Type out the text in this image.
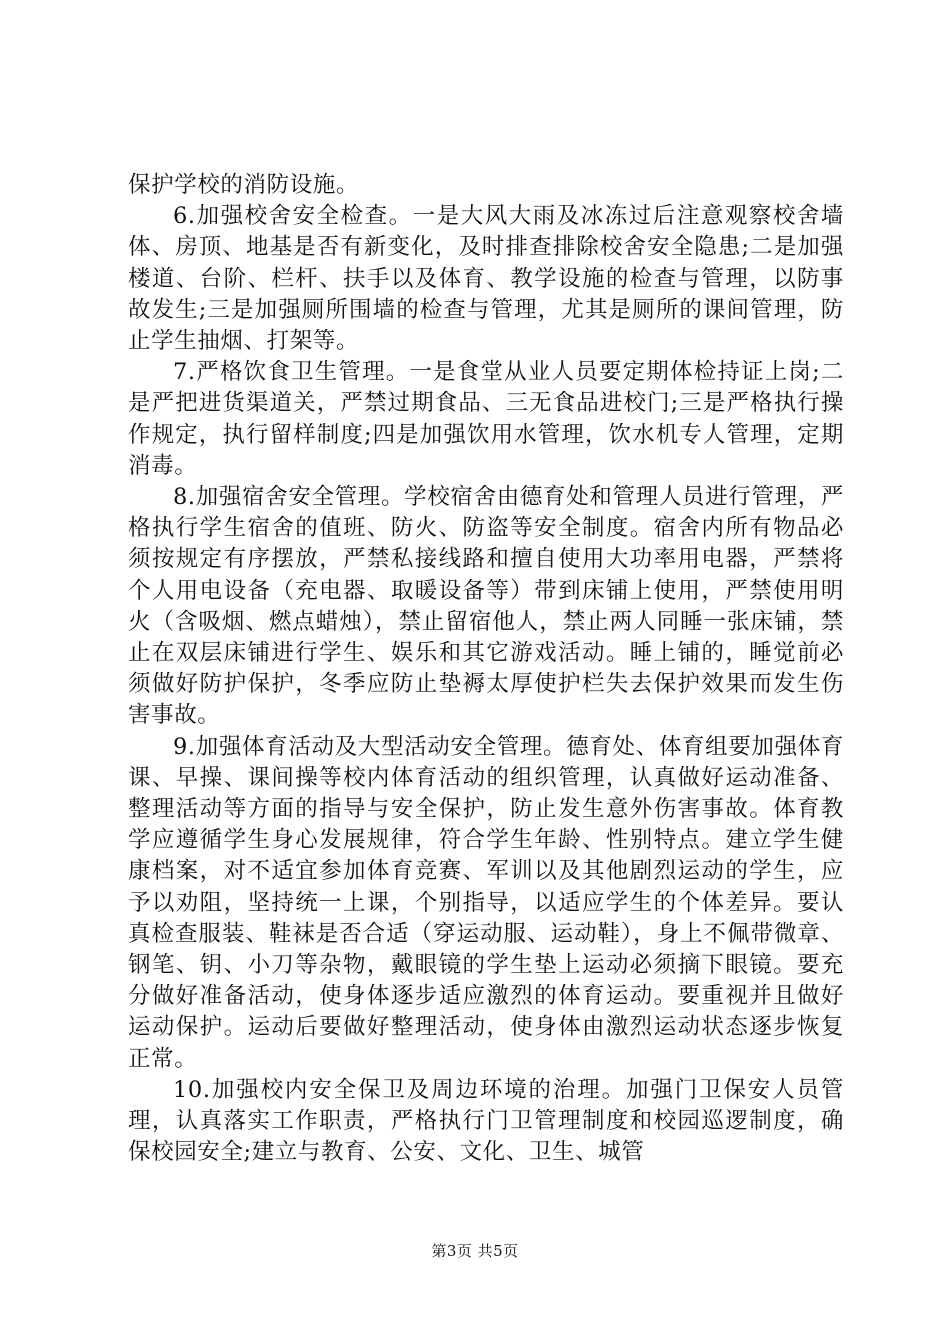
保护学校的消防设施。

6.加强校舍安全检查。一是大风大雨及冰冻过后注意观察校舍墙体、房顶、地基是否有新变化，及时排查排除校舍安全隐患;二是加强楼道、台阶、栏杆、扶手以及体育、教学设施的检查与管理，以防事故发生;三是加强厕所围墙的检查与管理，尤其是厕所的课间管理，防止学生抽烟、打架等。

7.严格饮食卫生管理。一是食堂从业人员要定期体检持证上岗;二是严把进货渠道关，严禁过期食品、三无食品进校门;三是严格执行操作规定，执行留样制度;四是加强饮用水管理，饮水机专人管理，定期消毒。

8.加强宿舍安全管理。学校宿舍由德育处和管理人员进行管理，严格执行学生宿舍的值班、防火、防盗等安全制度。宿舍内所有物品必须按规定有序摆放，严禁私接线路和擅自使用大功率用电器，严禁将个人用电设备（充电器、取暖设备等）带到床铺上使用，严禁使用明火（含吸烟、燃点蜡烛），禁止留宿他人，禁止两人同睡一张床铺，禁止在双层床铺进行学生、娱乐和其它游戏活动。睡上铺的，睡觉前必须做好防护保护，冬季应防止垫褥太厚使护栏失去保护效果而发生伤害事故。

9.加强体育活动及大型活动安全管理。德育处、体育组要加强体育课、早操、课间操等校内体育活动的组织管理，认真做好运动准备、整理活动等方面的指导与安全保护，防止发生意外伤害事故。体育教学应遵循学生身心发展规律，符合学生年龄、性别特点。建立学生健康档案，对不适宜参加体育竞赛、军训以及其他剧烈运动的学生，应予以劝阻，坚持统一上课，个别指导，以适应学生的个体差异。要认真检查服装、鞋袜是否合适（穿运动服、运动鞋），身上不佩带微章、钢笔、钥、小刀等杂物，戴眼镜的学生垫上运动必须摘下眼镜。要充分做好准备活动，使身体逐步适应激烈的体育运动。要重视并且做好运动保护。运动后要做好整理活动，使身体由激烈运动状态逐步恢复正常。

10.加强校内安全保卫及周边环境的治理。加强门卫保安人员管理，认真落实工作职责，严格执行门卫管理制度和校园巡逻制度，确保校园安全;建立与教育、公安、文化、卫生、城管

第3页 共5页
